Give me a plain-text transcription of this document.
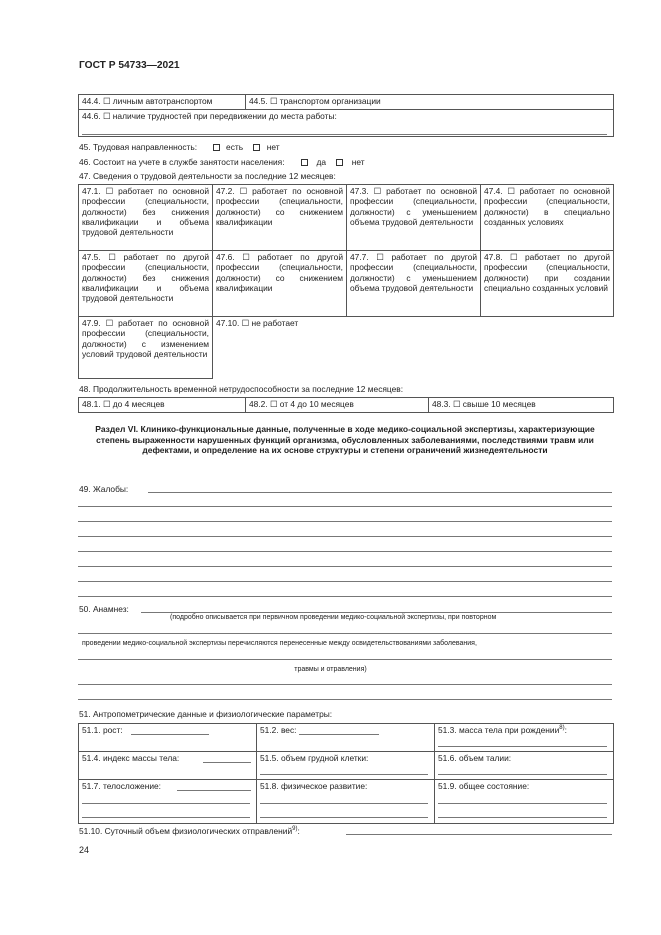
ГОСТ Р 54733—2021
44.4. ☐ личным автотранспортом	44.5. ☐ транспортом организации
44.6. ☐ наличие трудностей при передвижении до места работы:
45. Трудовая направленность:	есть	нет
46. Состоит на учете в службе занятости населения:	да	нет
47. Сведения о трудовой деятельности за последние 12 месяцев:
47.1. ☐ работает по основной профессии (специальности, должности) без снижения квалификации и объема трудовой деятельности	47.2. ☐ работает по основной профессии (специальности, должности) со снижением квалификации	47.3. ☐ работает по основной профессии (специальности, должности) с уменьшением объема трудовой деятельности	47.4. ☐ работает по основной профессии (специальности, должности) в специально созданных условиях
47.5. ☐ работает по другой профессии (специальности, должности) без снижения квалификации и объема трудовой деятельности	47.6. ☐ работает по другой профессии (специальности, должности) со снижением квалификации	47.7. ☐ работает по другой профессии (специальности, должности) с уменьшением объема трудовой деятельности	47.8. ☐ работает по другой профессии (специальности, должности) при создании специально созданных условий
47.9. ☐ работает по основной профессии (специальности, должности) с изменением условий трудовой деятельности	47.10. ☐ не работает		
48. Продолжительность временной нетрудоспособности за последние 12 месяцев:
48.1. ☐ до 4 месяцев	48.2. ☐ от 4 до 10 месяцев	48.3. ☐ свыше 10 месяцев
Раздел VI. Клинико-функциональные данные, полученные в ходе медико-социальной экспертизы, характеризующие степень выраженности нарушенных функций организма, обусловленных заболеваниями, последствиями травм или дефектами, и определение на их основе структуры и степени ограничений жизнедеятельности
49. Жалобы:
50. Анамнез:
(подробно описывается при первичном проведении медико-социальной экспертизы, при повторном
проведении медико-социальной экспертизы перечисляются перенесенные между освидетельствованиями заболевания,
травмы и отравления)
51. Антропометрические данные и физиологические параметры:
51.1. рост:	51.2. вес:	51.3. масса тела при рождении$^{8)}$:

51.4. индекс массы тела:	51.5. объем грудной клетки:	51.6. объем талии:

51.7. телосложение:	51.8. физическое развитие:	51.9. общее состояние:
51.10. Суточный объем физиологических отправлений$^{9)}$:
24
